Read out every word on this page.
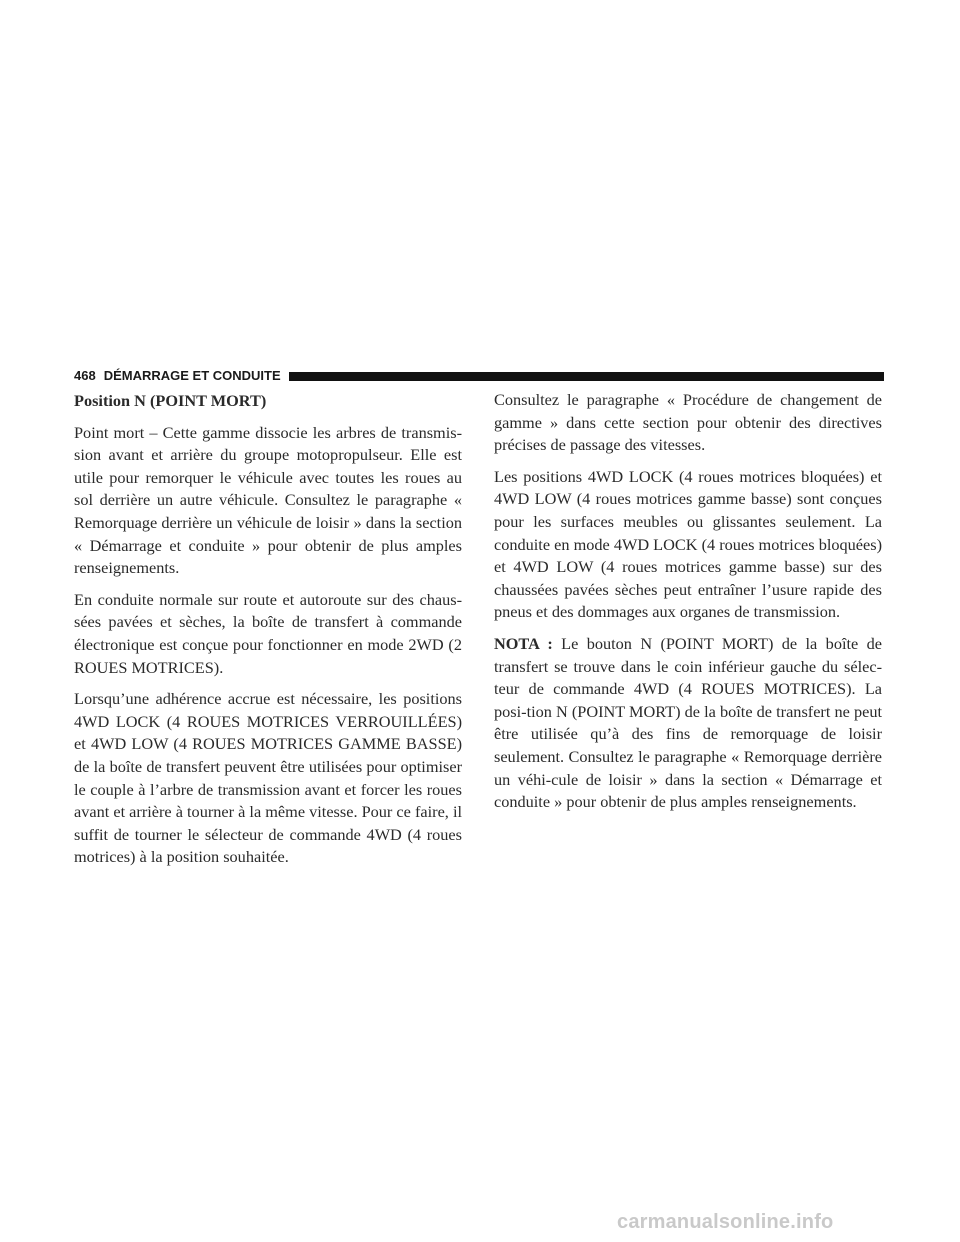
468 DÉMARRAGE ET CONDUITE

Position N (POINT MORT)

Point mort – Cette gamme dissocie les arbres de transmis-sion avant et arrière du groupe motopropulseur. Elle est utile pour remorquer le véhicule avec toutes les roues au sol derrière un autre véhicule. Consultez le paragraphe « Remorquage derrière un véhicule de loisir » dans la section « Démarrage et conduite » pour obtenir de plus amples renseignements.

En conduite normale sur route et autoroute sur des chaus-sées pavées et sèches, la boîte de transfert à commande électronique est conçue pour fonctionner en mode 2WD (2 ROUES MOTRICES).

Lorsqu’une adhérence accrue est nécessaire, les positions 4WD LOCK (4 ROUES MOTRICES VERROUILLÉES) et 4WD LOW (4 ROUES MOTRICES GAMME BASSE) de la boîte de transfert peuvent être utilisées pour optimiser le couple à l’arbre de transmission avant et forcer les roues avant et arrière à tourner à la même vitesse. Pour ce faire, il suffit de tourner le sélecteur de commande 4WD (4 roues motrices) à la position souhaitée.

Consultez le paragraphe « Procédure de changement de gamme » dans cette section pour obtenir des directives précises de passage des vitesses.

Les positions 4WD LOCK (4 roues motrices bloquées) et 4WD LOW (4 roues motrices gamme basse) sont conçues pour les surfaces meubles ou glissantes seulement. La conduite en mode 4WD LOCK (4 roues motrices bloquées) et 4WD LOW (4 roues motrices gamme basse) sur des chaussées pavées sèches peut entraîner l’usure rapide des pneus et des dommages aux organes de transmission.

NOTA : Le bouton N (POINT MORT) de la boîte de transfert se trouve dans le coin inférieur gauche du sélec-teur de commande 4WD (4 ROUES MOTRICES). La posi-tion N (POINT MORT) de la boîte de transfert ne peut être utilisée qu’à des fins de remorquage de loisir seulement. Consultez le paragraphe « Remorquage derrière un véhi-cule de loisir » dans la section « Démarrage et conduite » pour obtenir de plus amples renseignements.

carmanualsonline.info
